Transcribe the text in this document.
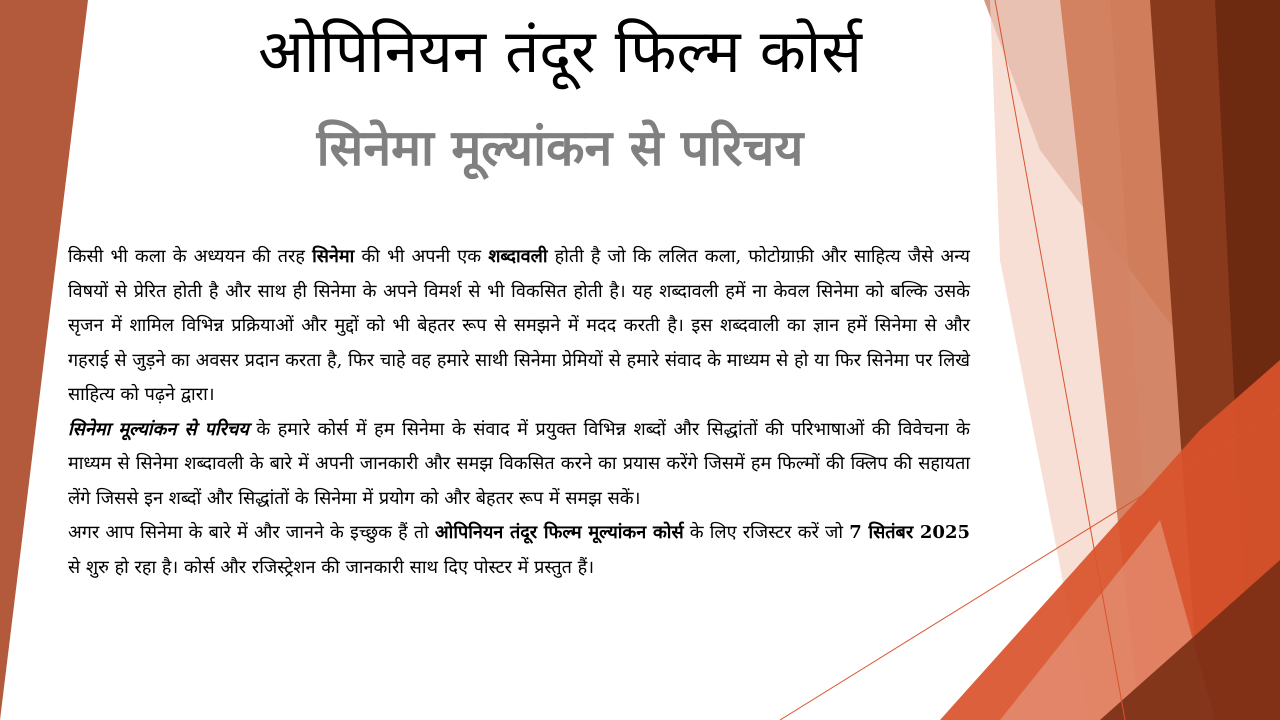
ओपिनियन तंदूर फिल्म कोर्स
सिनेमा मूल्यांकन से परिचय

किसी भी कला के अध्ययन की तरह सिनेमा की भी अपनी एक शब्दावली होती है जो कि ललित कला, फोटोग्राफ़ी और साहित्य जैसे अन्य विषयों से प्रेरित होती है और साथ ही सिनेमा के अपने विमर्श से भी विकसित होती है। यह शब्दावली हमें ना केवल सिनेमा को बल्कि उसके सृजन में शामिल विभिन्न प्रक्रियाओं और मुद्दों को भी बेहतर रूप से समझने में मदद करती है। इस शब्दवाली का ज्ञान हमें सिनेमा से और गहराई से जुड़ने का अवसर प्रदान करता है, फिर चाहे वह हमारे साथी सिनेमा प्रेमियों से हमारे संवाद के माध्यम से हो या फिर सिनेमा पर लिखे साहित्य को पढ़ने द्वारा।

सिनेमा मूल्यांकन से परिचय के हमारे कोर्स में हम सिनेमा के संवाद में प्रयुक्त विभिन्न शब्दों और सिद्धांतों की परिभाषाओं की विवेचना के माध्यम से सिनेमा शब्दावली के बारे में अपनी जानकारी और समझ विकसित करने का प्रयास करेंगे जिसमें हम फिल्मों की क्लिप की सहायता लेंगे जिससे इन शब्दों और सिद्धांतों के सिनेमा में प्रयोग को और बेहतर रूप में समझ सकें।

अगर आप सिनेमा के बारे में और जानने के इच्छुक हैं तो ओपिनियन तंदूर फिल्म मूल्यांकन कोर्स के लिए रजिस्टर करें जो 7 सितंबर 2025 से शुरु हो रहा है। कोर्स और रजिस्ट्रेशन की जानकारी साथ दिए पोस्टर में प्रस्तुत हैं।
